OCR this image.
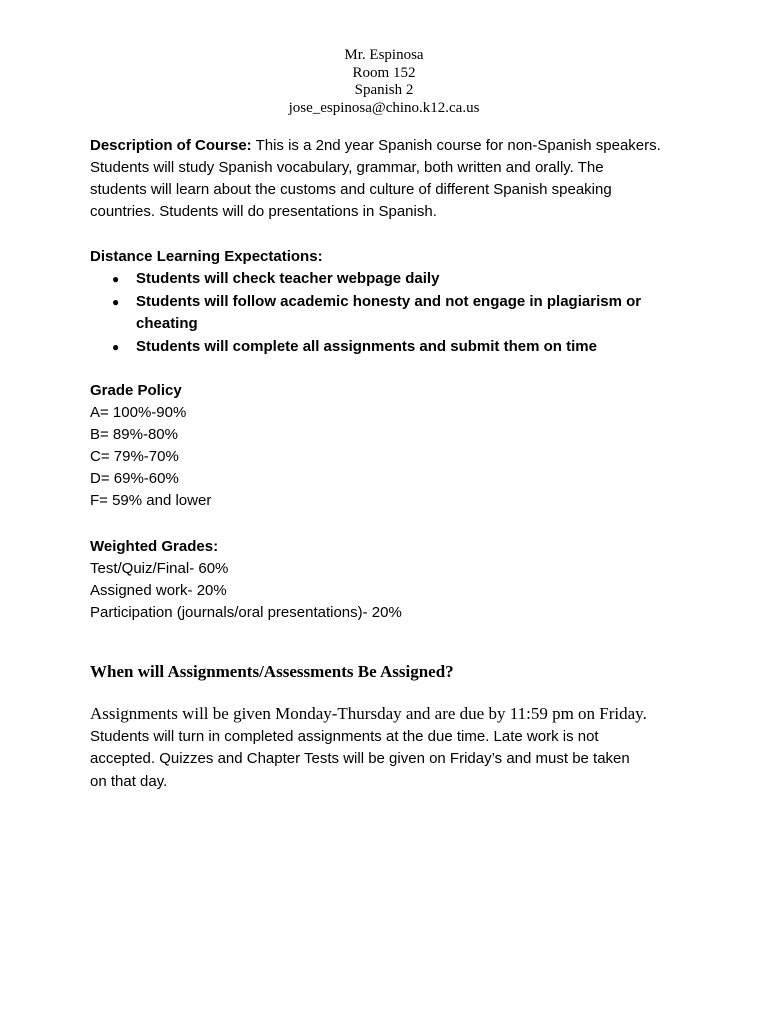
Mr. Espinosa
Room 152
Spanish 2
jose_espinosa@chino.k12.ca.us
Description of Course: This is a 2nd year Spanish course for non-Spanish speakers.
Students will study Spanish vocabulary, grammar, both written and orally. The
students will learn about the customs and culture of different Spanish speaking
countries. Students will do presentations in Spanish.
Distance Learning Expectations:
● Students will check teacher webpage daily
● Students will follow academic honesty and not engage in plagiarism or
cheating
● Students will complete all assignments and submit them on time
Grade Policy
A= 100%-90%
B= 89%-80%
C= 79%-70%
D= 69%-60%
F= 59% and lower
Weighted Grades:
Test/Quiz/Final- 60%
Assigned work- 20%
Participation (journals/oral presentations)- 20%
When will Assignments/Assessments Be Assigned?
Assignments will be given Monday-Thursday and are due by 11:59 pm on Friday.
Students will turn in completed assignments at the due time. Late work is not
accepted. Quizzes and Chapter Tests will be given on Friday’s and must be taken
on that day.
